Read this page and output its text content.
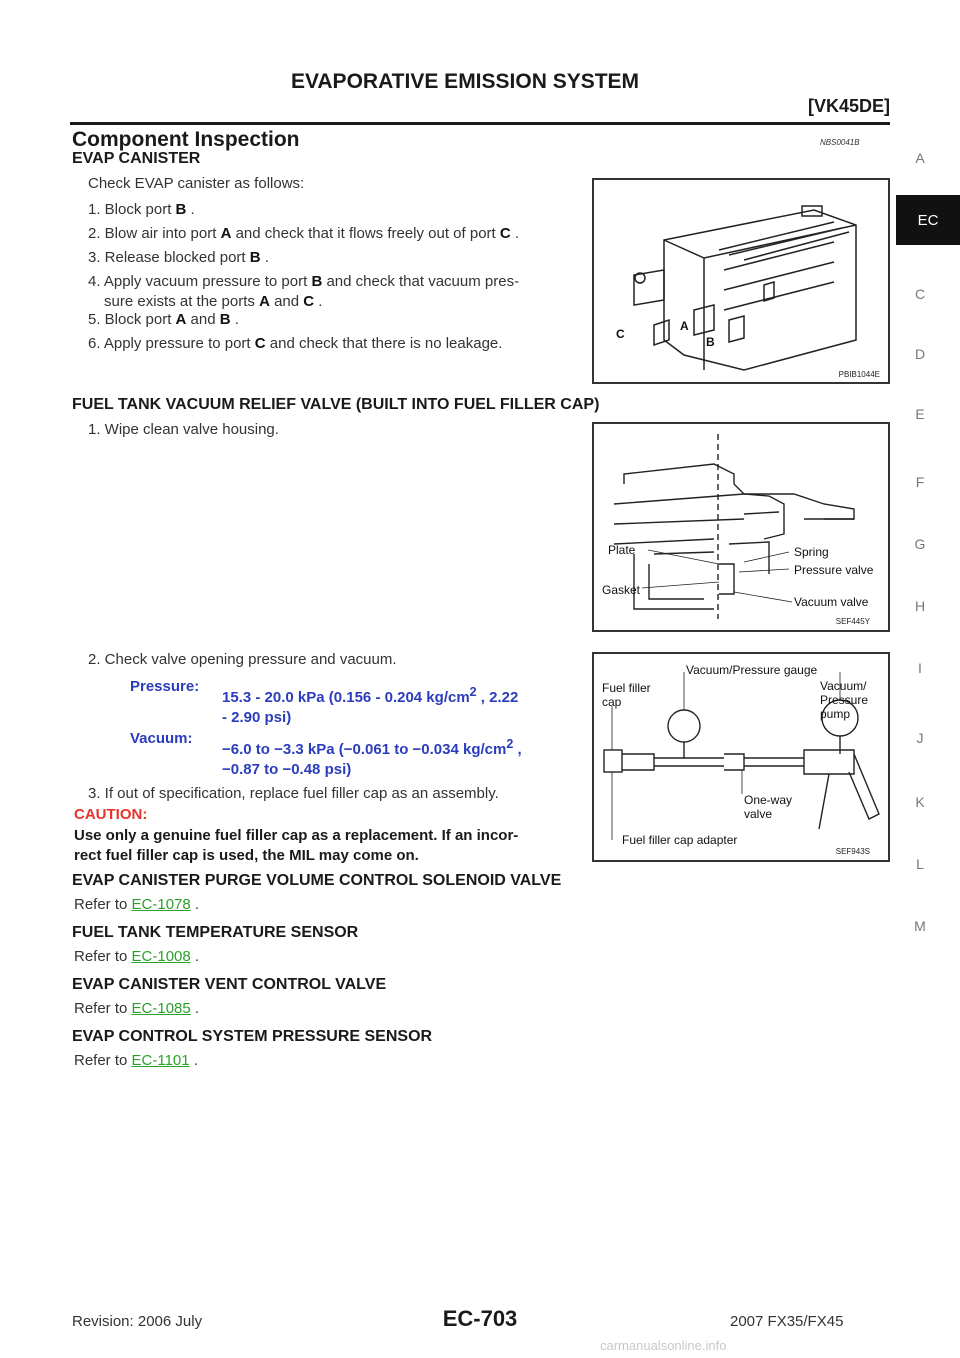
EVAPORATIVE EMISSION SYSTEM
[VK45DE]
Component Inspection	NBS0041B
EVAP CANISTER
Check EVAP canister as follows:
1. Block port B .
2. Blow air into port A and check that it flows freely out of port C .
3. Release blocked port B .
4. Apply vacuum pressure to port B and check that vacuum pres-
sure exists at the ports A and C .
5. Block port A and B .
6. Apply pressure to port C and check that there is no leakage.
C
A
B
PBIB1044E
FUEL TANK VACUUM RELIEF VALVE (BUILT INTO FUEL FILLER CAP)
1. Wipe clean valve housing.
Plate
Gasket
Spring
Pressure valve
Vacuum valve
SEF445Y
2. Check valve opening pressure and vacuum.
Pressure:
15.3 - 20.0 kPa (0.156 - 0.204 $kg/cm^2$ , 2.22
- 2.90 psi)
Vacuum:
−6.0 to −3.3 kPa (−0.061 to −0.034 $kg/cm^2$ ,
−0.87 to −0.48 psi)
Vacuum/Pressure gauge
Fuel filler
cap
Vacuum/
Pressure
pump
One-way
valve
Fuel filler cap adapter
SEF943S
3. If out of specification, replace fuel filler cap as an assembly.
CAUTION:
Use only a genuine fuel filler cap as a replacement. If an incor-
rect fuel filler cap is used, the MIL may come on.
EVAP CANISTER PURGE VOLUME CONTROL SOLENOID VALVE
Refer to EC-1078 .
FUEL TANK TEMPERATURE SENSOR
Refer to EC-1008 .
EVAP CANISTER VENT CONTROL VALVE
Refer to EC-1085 .
EVAP CONTROL SYSTEM PRESSURE SENSOR
Refer to EC-1101 .
A
EC
C
D
E
F
G
H
I
J
K
L
M
Revision: 2006 July	EC-703	2007 FX35/FX45
carmanualsonline.info
